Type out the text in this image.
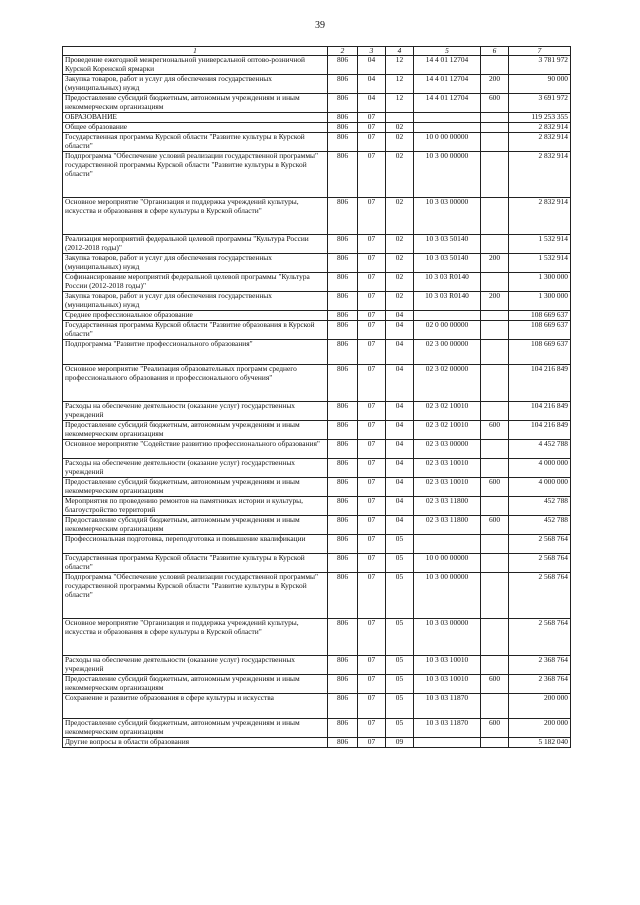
39
1	2	3	4	5	6	7
Проведение ежегодной межрегиональной универсальной оптово-розничной Курской Коренской ярмарки	806	04	12	14 4 01 12704		3 781 972
Закупка товаров, работ и услуг для обеспечения государственных (муниципальных) нужд	806	04	12	14 4 01 12704	200	90 000
Предоставление субсидий бюджетным, автономным учреждениям и иным некоммерческим организациям	806	04	12	14 4 01 12704	600	3 691 972
ОБРАЗОВАНИЕ	806	07				119 253 355
Общее образование	806	07	02			2 832 914
Государственная программа Курской области "Развитие культуры в Курской области"	806	07	02	10 0 00 00000		2 832 914
Подпрограмма "Обеспечение условий реализации государственной программы" государственной программы Курской области "Развитие культуры в Курской области"	806	07	02	10 3 00 00000		2 832 914
Основное мероприятие "Организация и поддержка учреждений культуры, искусства и образования в сфере культуры в Курской области"	806	07	02	10 3 03 00000		2 832 914
Реализация мероприятий федеральной целевой программы "Культура России (2012-2018 годы)"	806	07	02	10 3 03 50140		1 532 914
Закупка товаров, работ и услуг для обеспечения государственных (муниципальных) нужд	806	07	02	10 3 03 50140	200	1 532 914
Софинансирование мероприятий федеральной целевой программы "Культура России (2012-2018 годы)"	806	07	02	10 3 03 R0140		1 300 000
Закупка товаров, работ и услуг для обеспечения государственных (муниципальных) нужд	806	07	02	10 3 03 R0140	200	1 300 000
Среднее профессиональное образование	806	07	04			108 669 637
Государственная программа Курской области "Развитие образования в Курской области"	806	07	04	02 0 00 00000		108 669 637
Подпрограмма "Развитие профессионального образования"	806	07	04	02 3 00 00000		108 669 637
Основное мероприятие "Реализация образовательных программ среднего профессионального образования и профессионального обучения"	806	07	04	02 3 02 00000		104 216 849
Расходы на обеспечение деятельности (оказание услуг) государственных учреждений	806	07	04	02 3 02 10010		104 216 849
Предоставление субсидий бюджетным, автономным учреждениям и иным некоммерческим организациям	806	07	04	02 3 02 10010	600	104 216 849
Основное мероприятие "Содействие развитию профессионального образования"	806	07	04	02 3 03 00000		4 452 788
Расходы на обеспечение деятельности (оказание услуг) государственных учреждений	806	07	04	02 3 03 10010		4 000 000
Предоставление субсидий бюджетным, автономным учреждениям и иным некоммерческим организациям	806	07	04	02 3 03 10010	600	4 000 000
Мероприятия по проведению ремонтов на памятниках истории и культуры, благоустройство территорий	806	07	04	02 3 03 11800		452 788
Предоставление субсидий бюджетным, автономным учреждениям и иным некоммерческим организациям	806	07	04	02 3 03 11800	600	452 788
Профессиональная подготовка, переподготовка и повышение квалификации	806	07	05			2 568 764
Государственная программа Курской области "Развитие культуры в Курской области"	806	07	05	10 0 00 00000		2 568 764
Подпрограмма "Обеспечение условий реализации государственной программы" государственной программы Курской области "Развитие культуры в Курской области"	806	07	05	10 3 00 00000		2 568 764
Основное мероприятие "Организация и поддержка учреждений культуры, искусства и образования в сфере культуры в Курской области"	806	07	05	10 3 03 00000		2 568 764
Расходы на обеспечение деятельности (оказание услуг) государственных учреждений	806	07	05	10 3 03 10010		2 368 764
Предоставление субсидий бюджетным, автономным учреждениям и иным некоммерческим организациям	806	07	05	10 3 03 10010	600	2 368 764
Сохранение и развитие образования в сфере культуры и искусства	806	07	05	10 3 03 11870		200 000
Предоставление субсидий бюджетным, автономным учреждениям и иным некоммерческим организациям	806	07	05	10 3 03 11870	600	200 000
Другие вопросы в области образования	806	07	09			5 182 040
